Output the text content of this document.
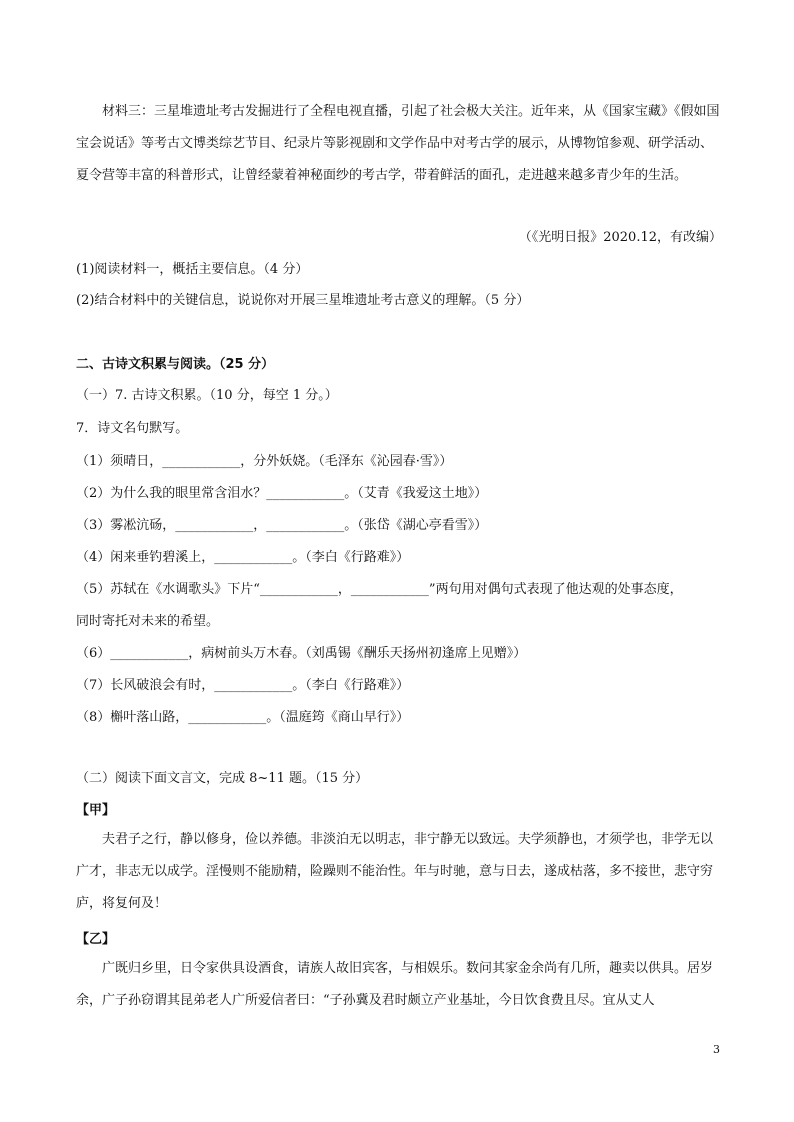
材料三：三星堆遗址考古发掘进行了全程电视直播，引起了社会极大关注。近年来，从《国家宝藏》《假如国宝会说话》等考古文博类综艺节目、纪录片等影视剧和文学作品中对考古学的展示，从博物馆参观、研学活动、夏令营等丰富的科普形式，让曾经蒙着神秘面纱的考古学，带着鲜活的面孔，走进越来越多青少年的生活。

（《光明日报》2020.12，有改编）

(1)阅读材料一，概括主要信息。（4 分）

(2)结合材料中的关键信息，说说你对开展三星堆遗址考古意义的理解。（5 分）

二、古诗文积累与阅读。（25 分）

（一）7. 古诗文积累。（10 分，每空 1 分。）

7．诗文名句默写。

（1）须晴日，____________，分外妖娆。（毛泽东《沁园春·雪》）

（2）为什么我的眼里常含泪水？____________。（艾青《我爱这土地》）

（3）雾凇沆砀，____________，____________。（张岱《湖心亭看雪》）

（4）闲来垂钓碧溪上，____________。（李白《行路难》）

（5）苏轼在《水调歌头》下片“____________，____________”两句用对偶句式表现了他达观的处事态度，

同时寄托对未来的希望。

（6）____________，病树前头万木春。（刘禹锡《酬乐天扬州初逢席上见赠》）

（7）长风破浪会有时，____________。（李白《行路难》）

（8）槲叶落山路，____________。（温庭筠《商山早行》）

（二）阅读下面文言文，完成 8~11 题。（15 分）

【甲】

夫君子之行，静以修身，俭以养德。非淡泊无以明志，非宁静无以致远。夫学须静也，才须学也，非学无以广才，非志无以成学。淫慢则不能励精，险躁则不能治性。年与时驰，意与日去，遂成枯落，多不接世，悲守穷庐，将复何及！

【乙】

广既归乡里，日令家供具设酒食，请族人故旧宾客，与相娱乐。数问其家金余尚有几所，趣卖以供具。居岁余，广子孙窃谓其昆弟老人广所爱信者曰：“子孙冀及君时颇立产业基址，今日饮食费且尽。宜从丈人

3
